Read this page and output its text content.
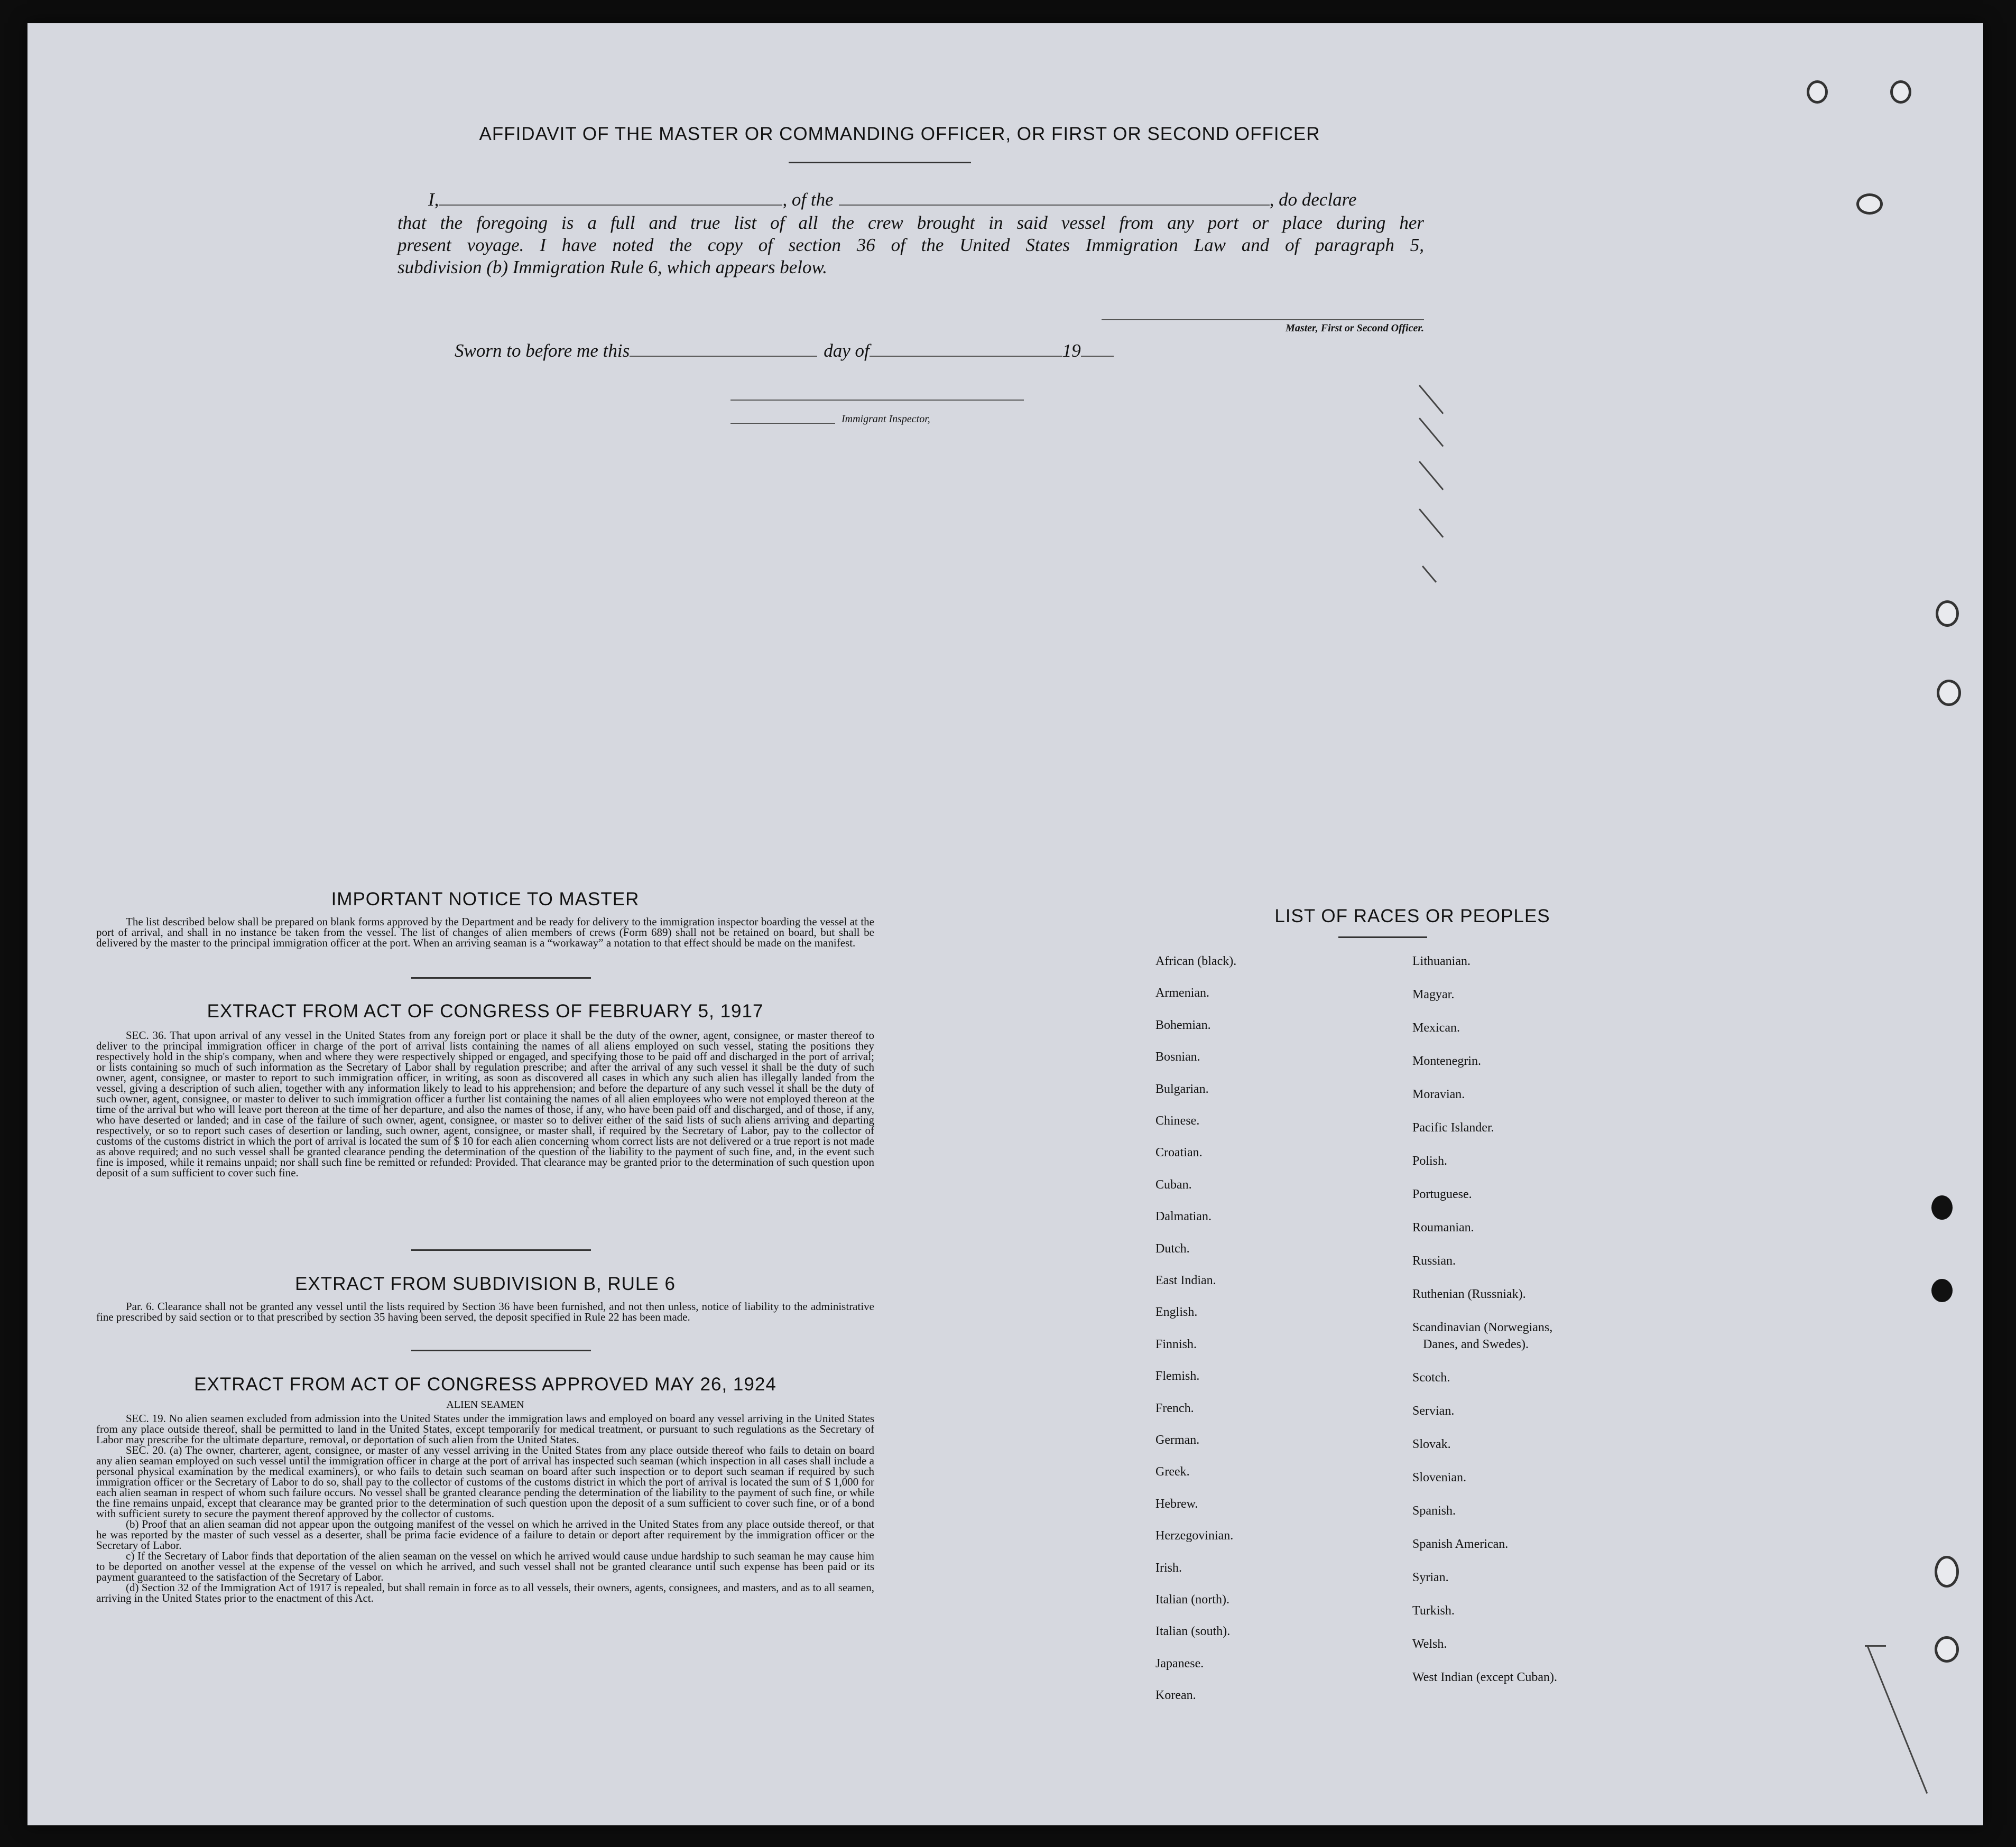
AFFIDAVIT OF THE MASTER OR COMMANDING OFFICER, OR FIRST OR SECOND OFFICER
I,	, of the	, do declare
that the foregoing is a full and true list of all the crew brought in said vessel from any port or place during her
present voyage. I have noted the copy of section 36 of the United States Immigration Law and of paragraph 5,
subdivision (b) Immigration Rule 6, which appears below.
Master, First or Second Officer.
Sworn to before me this	day of	19
Immigrant Inspector,
IMPORTANT NOTICE TO MASTER
The list described below shall be prepared on blank forms approved by the Department and be ready for delivery to the immigration inspector boarding the vessel at the port of arrival, and shall in no instance be taken from the vessel. The list of changes of alien members of crews (Form 689) shall not be retained on board, but shall be delivered by the master to the principal immigration officer at the port. When an arriving seaman is a “workaway” a notation to that effect should be made on the manifest.
EXTRACT FROM ACT OF CONGRESS OF FEBRUARY 5, 1917
SEC. 36. That upon arrival of any vessel in the United States from any foreign port or place it shall be the duty of the owner, agent, consignee, or master thereof to deliver to the principal immigration officer in charge of the port of arrival lists containing the names of all aliens employed on such vessel, stating the positions they respectively hold in the ship's company, when and where they were respectively shipped or engaged, and specifying those to be paid off and discharged in the port of arrival; or lists containing so much of such information as the Secretary of Labor shall by regulation prescribe; and after the arrival of any such vessel it shall be the duty of such owner, agent, consignee, or master to report to such immigration officer, in writing, as soon as discovered all cases in which any such alien has illegally landed from the vessel, giving a description of such alien, together with any information likely to lead to his apprehension; and before the departure of any such vessel it shall be the duty of such owner, agent, consignee, or master to deliver to such immigration officer a further list containing the names of all alien employees who were not employed thereon at the time of the arrival but who will leave port thereon at the time of her departure, and also the names of those, if any, who have been paid off and discharged, and of those, if any, who have deserted or landed; and in case of the failure of such owner, agent, consignee, or master so to deliver either of the said lists of such aliens arriving and departing respectively, or so to report such cases of desertion or landing, such owner, agent, consignee, or master shall, if required by the Secretary of Labor, pay to the collector of customs of the customs district in which the port of arrival is located the sum of $ 10 for each alien concerning whom correct lists are not delivered or a true report is not made as above required; and no such vessel shall be granted clearance pending the determination of the question of the liability to the payment of such fine, and, in the event such fine is imposed, while it remains unpaid; nor shall such fine be remitted or refunded: Provided. That clearance may be granted prior to the determination of such question upon deposit of a sum sufficient to cover such fine.
EXTRACT FROM SUBDIVISION B, RULE 6
Par. 6. Clearance shall not be granted any vessel until the lists required by Section 36 have been furnished, and not then unless, notice of liability to the administrative fine prescribed by said section or to that prescribed by section 35 having been served, the deposit specified in Rule 22 has been made.
EXTRACT FROM ACT OF CONGRESS APPROVED MAY 26, 1924
ALIEN SEAMEN

SEC. 19. No alien seamen excluded from admission into the United States under the immigration laws and employed on board any vessel arriving in the United States from any place outside thereof, shall be permitted to land in the United States, except temporarily for medical treatment, or pursuant to such regulations as the Secretary of Labor may prescribe for the ultimate departure, removal, or deportation of such alien from the United States.

SEC. 20. (a) The owner, charterer, agent, consignee, or master of any vessel arriving in the United States from any place outside thereof who fails to detain on board any alien seaman employed on such vessel until the immigration officer in charge at the port of arrival has inspected such seaman (which inspection in all cases shall include a personal physical examination by the medical examiners), or who fails to detain such seaman on board after such inspection or to deport such seaman if required by such immigration officer or the Secretary of Labor to do so, shall pay to the collector of customs of the customs district in which the port of arrival is located the sum of $ 1,000 for each alien seaman in respect of whom such failure occurs. No vessel shall be granted clearance pending the determination of the liability to the payment of such fine, or while the fine remains unpaid, except that clearance may be granted prior to the determination of such question upon the deposit of a sum sufficient to cover such fine, or of a bond with sufficient surety to secure the payment thereof approved by the collector of customs.

(b) Proof that an alien seaman did not appear upon the outgoing manifest of the vessel on which he arrived in the United States from any place outside thereof, or that he was reported by the master of such vessel as a deserter, shall be prima facie evidence of a failure to detain or deport after requirement by the immigration officer or the Secretary of Labor.

c) If the Secretary of Labor finds that deportation of the alien seaman on the vessel on which he arrived would cause undue hardship to such seaman he may cause him to be deported on another vessel at the expense of the vessel on which he arrived, and such vessel shall not be granted clearance until such expense has been paid or its payment guaranteed to the satisfaction of the Secretary of Labor.

(d) Section 32 of the Immigration Act of 1917 is repealed, but shall remain in force as to all vessels, their owners, agents, consignees, and masters, and as to all seamen, arriving in the United States prior to the enactment of this Act.

LIST OF RACES OR PEOPLES
African (black).
Armenian.
Bohemian.
Bosnian.
Bulgarian.
Chinese.
Croatian.
Cuban.
Dalmatian.
Dutch.
East Indian.
English.
Finnish.
Flemish.
French.
German.
Greek.
Hebrew.
Herzegovinian.
Irish.
Italian (north).
Italian (south).
Japanese.
Korean.
Lithuanian.
Magyar.
Mexican.
Montenegrin.
Moravian.
Pacific Islander.
Polish.
Portuguese.
Roumanian.
Russian.
Ruthenian (Russniak).
Scandinavian (Norwegians,
Danes, and Swedes).
Scotch.
Servian.
Slovak.
Slovenian.
Spanish.
Spanish American.
Syrian.
Turkish.
Welsh.
West Indian (except Cuban).
